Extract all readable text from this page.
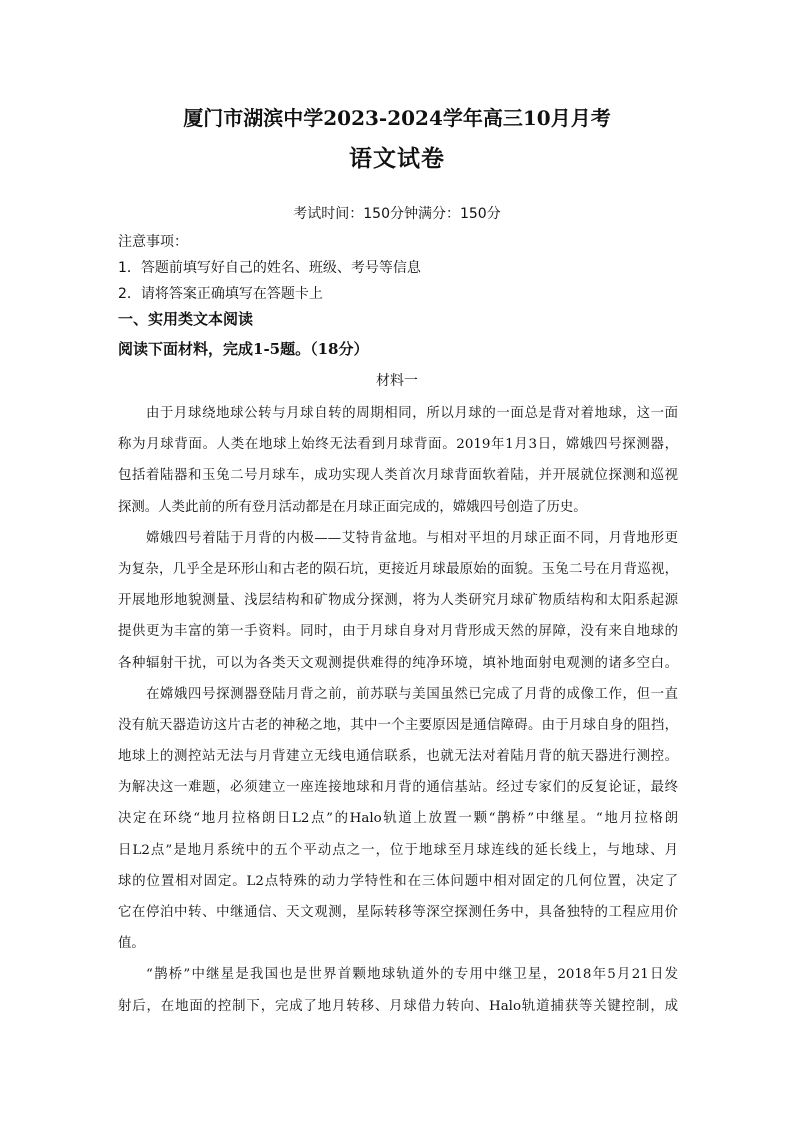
厦门市湖滨中学2023-2024学年高三10月月考
语文试卷
考试时间：150分钟满分：150分
注意事项：
1．答题前填写好自己的姓名、班级、考号等信息
2．请将答案正确填写在答题卡上
一、实用类文本阅读
阅读下面材料，完成1-5题。（18分）
材料一
由于月球绕地球公转与月球自转的周期相同，所以月球的一面总是背对着地球，这一面
称为月球背面。人类在地球上始终无法看到月球背面。2019年1月3日，嫦娥四号探测器，
包括着陆器和玉兔二号月球车，成功实现人类首次月球背面软着陆，并开展就位探测和巡视
探测。人类此前的所有登月活动都是在月球正面完成的，嫦娥四号创造了历史。
嫦娥四号着陆于月背的内极——艾特肯盆地。与相对平坦的月球正面不同，月背地形更
为复杂，几乎全是环形山和古老的陨石坑，更接近月球最原始的面貌。玉兔二号在月背巡视，
开展地形地貌测量、浅层结构和矿物成分探测，将为人类研究月球矿物质结构和太阳系起源
提供更为丰富的第一手资料。同时，由于月球自身对月背形成天然的屏障，没有来自地球的
各种辐射干扰，可以为各类天文观测提供难得的纯净环境，填补地面射电观测的诸多空白。
在嫦娥四号探测器登陆月背之前，前苏联与美国虽然已完成了月背的成像工作，但一直
没有航天器造访这片古老的神秘之地，其中一个主要原因是通信障碍。由于月球自身的阻挡，
地球上的测控站无法与月背建立无线电通信联系，也就无法对着陆月背的航天器进行测控。
为解决这一难题，必须建立一座连接地球和月背的通信基站。经过专家们的反复论证，最终
决定在环绕“地月拉格朗日L2点”的Halo轨道上放置一颗“鹊桥”中继星。“地月拉格朗
日L2点”是地月系统中的五个平动点之一，位于地球至月球连线的延长线上，与地球、月
球的位置相对固定。L2点特殊的动力学特性和在三体问题中相对固定的几何位置，决定了
它在停泊中转、中继通信、天文观测，星际转移等深空探测任务中，具备独特的工程应用价
值。
“鹊桥”中继星是我国也是世界首颗地球轨道外的专用中继卫星，2018年5月21日发
射后，在地面的控制下，完成了地月转移、月球借力转向、Halo轨道捕获等关键控制，成
